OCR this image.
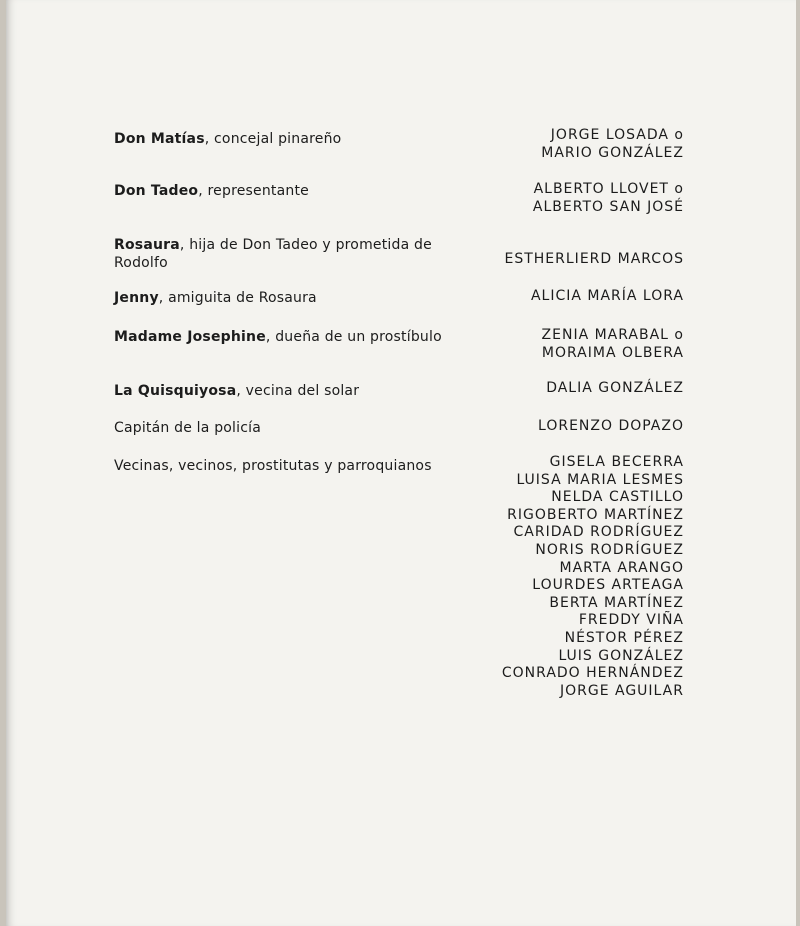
Don Matías, concejal pinareño	JORGE LOSADA o
MARIO GONZÁLEZ
Don Tadeo, representante	ALBERTO LLOVET o
ALBERTO SAN JOSÉ
Rosaura, hija de Don Tadeo y prometida de Rodolfo	ESTHERLIERD MARCOS
Jenny, amiguita de Rosaura	ALICIA MARÍA LORA
Madame Josephine, dueña de un prostíbulo	ZENIA MARABAL o
MORAIMA OLBERA
La Quisquiyosa, vecina del solar	DALIA GONZÁLEZ
Capitán de la policía	LORENZO DOPAZO
Vecinas, vecinos, prostitutas y parroquianos	GISELA BECERRA
LUISA MARIA LESMES
NELDA CASTILLO
RIGOBERTO MARTÍNEZ
CARIDAD RODRÍGUEZ
NORIS RODRÍGUEZ
MARTA ARANGO
LOURDES ARTEAGA
BERTA MARTÍNEZ
FREDDY VIÑA
NÉSTOR PÉREZ
LUIS GONZÁLEZ
CONRADO HERNÁNDEZ
JORGE AGUILAR
